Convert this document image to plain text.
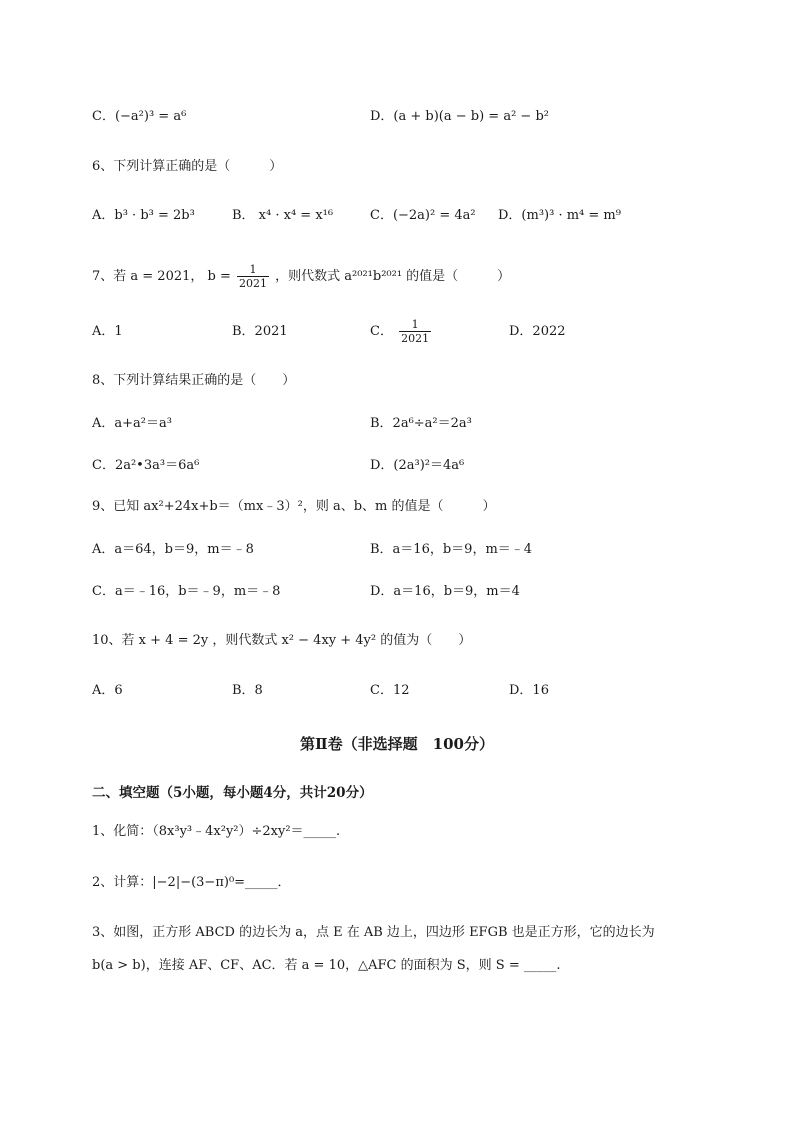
C．(−a²)³ = a⁶	D．(a + b)(a − b) = a² − b²
6、下列计算正确的是（　　　）
A．b³ · b³ = 2b³	B． x⁴ · x⁴ = x¹⁶	C．(−2a)² = 4a² D．(m³)³ · m⁴ = m⁹
7、若 a = 2021， $b = \frac{1}{2021}$ ，则代数式 a²⁰²¹b²⁰²¹ 的值是（　　　）
A．1	B．2021	C． $\frac{1}{2021}$	D．2022
8、下列计算结果正确的是（　　）
A．a+a²＝a³	B．2a⁶÷a²＝2a³
C．2a²•3a³＝6a⁶	D．(2a³)²＝4a⁶
9、已知 ax²+24x+b＝（mx﹣3）²，则 a、b、m 的值是（　　　）
A．a＝64，b＝9，m＝﹣8	B．a＝16，b＝9，m＝﹣4
C．a＝﹣16，b＝﹣9，m＝﹣8	D．a＝16，b＝9，m＝4
10、若 x + 4 = 2y ，则代数式 x² − 4xy + 4y² 的值为（　　）
A．6	B．8	C．12	D．16
第Ⅱ卷（非选择题　100分）
二、填空题（5小题，每小题4分，共计20分）
1、化简：（8x³y³﹣4x²y²）÷2xy²＝_____.
2、计算：|−2|−(3−π)⁰=_____．
3、如图，正方形 ABCD 的边长为 a，点 E 在 AB 边上，四边形 EFGB 也是正方形，它的边长为
b(a > b)，连接 AF、CF、AC．若 a = 10，△AFC 的面积为 S，则 S = _____.
